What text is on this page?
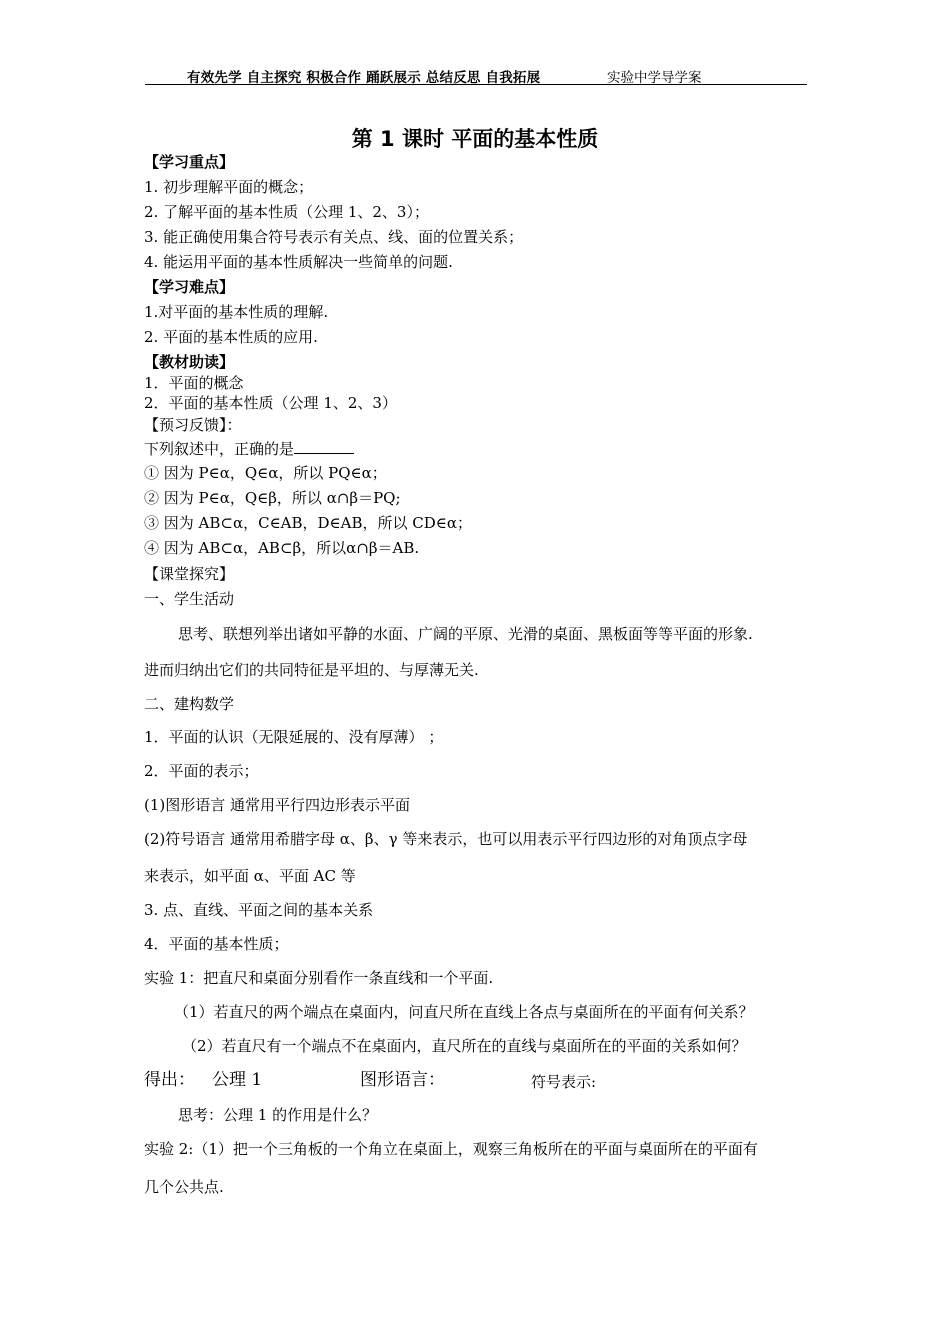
有效先学 自主探究 积极合作 踊跃展示 总结反思 自我拓展	实验中学导学案
第 1 课时 平面的基本性质
【学习重点】
1. 初步理解平面的概念；
2. 了解平面的基本性质（公理 1、2、3）；
3. 能正确使用集合符号表示有关点、线、面的位置关系；
4. 能运用平面的基本性质解决一些简单的问题.
【学习难点】
1.对平面的基本性质的理解.
2. 平面的基本性质的应用.
【教材助读】
1．平面的概念
2．平面的基本性质（公理 1、2、3）
【预习反馈】：
下列叙述中，正确的是
① 因为 P∈α，Q∈α，所以 PQ∈α；
② 因为 P∈α，Q∈β，所以 α∩β＝PQ;
③ 因为 AB⊂α，C∈AB，D∈AB，所以 CD∈α；
④ 因为 AB⊂α，AB⊂β，所以α∩β＝AB.
【课堂探究】
一、学生活动
思考、联想列举出诸如平静的水面、广阔的平原、光滑的桌面、黑板面等等平面的形象.
进而归纳出它们的共同特征是平坦的、与厚薄无关.
二、建构数学
1．平面的认识（无限延展的、没有厚薄） ；
2．平面的表示；
(1)图形语言 通常用平行四边形表示平面
(2)符号语言 通常用希腊字母 α、β、γ 等来表示，也可以用表示平行四边形的对角顶点字母
来表示，如平面 α、平面 AC 等
3. 点、直线、平面之间的基本关系
4．平面的基本性质；
实验 1：把直尺和桌面分别看作一条直线和一个平面.
（1）若直尺的两个端点在桌面内，问直尺所在直线上各点与桌面所在的平面有何关系？
（2）若直尺有一个端点不在桌面内，直尺所在的直线与桌面所在的平面的关系如何？
得出： 公理 1	图形语言：	符号表示:
思考：公理 1 的作用是什么？
实验 2:（1）把一个三角板的一个角立在桌面上，观察三角板所在的平面与桌面所在的平面有
几个公共点.
